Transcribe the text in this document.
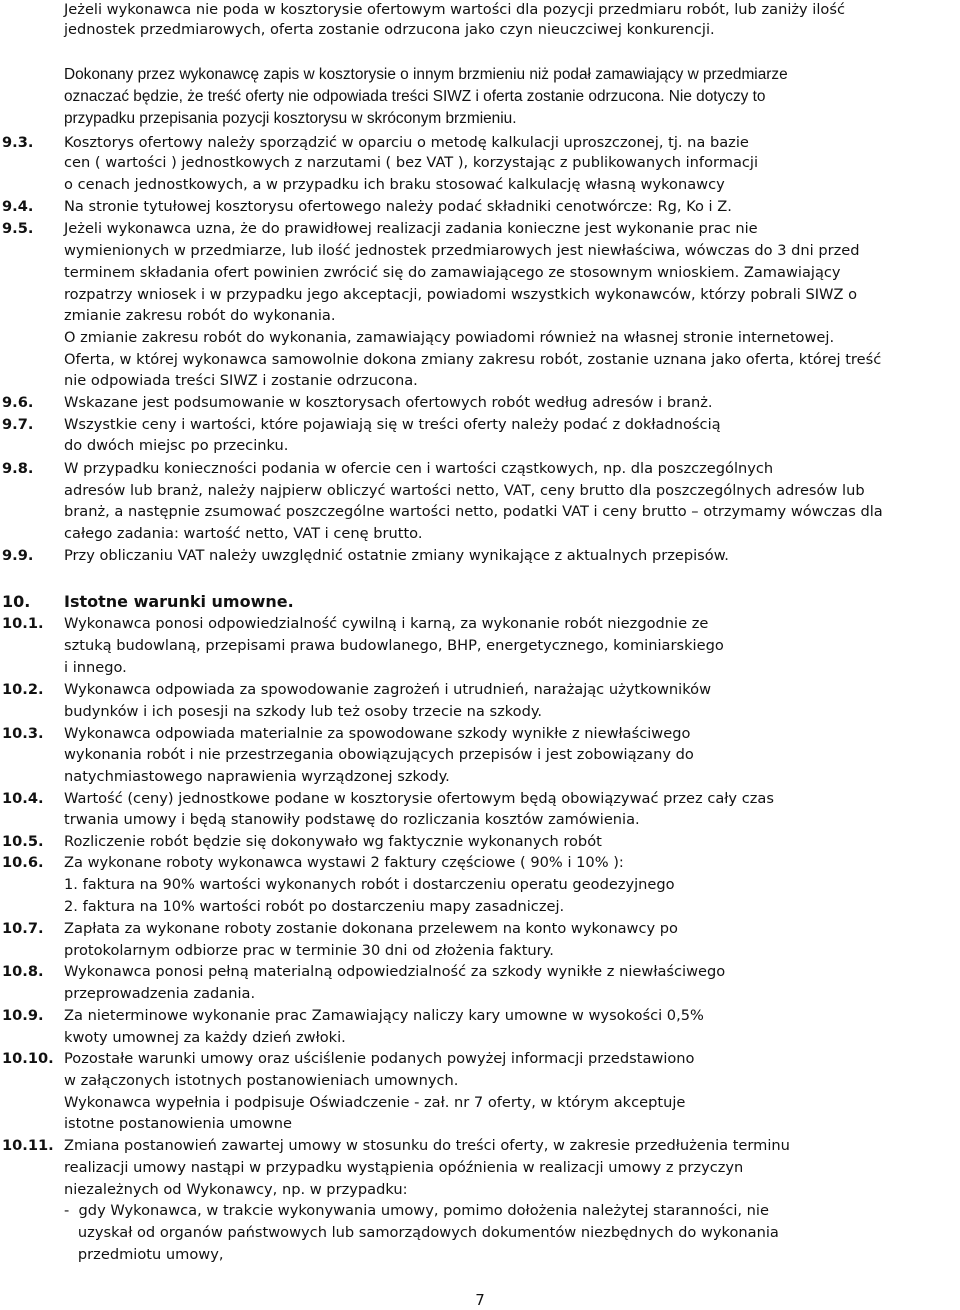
Jeżeli wykonawca nie poda w kosztorysie ofertowym wartości dla pozycji przedmiaru robót, lub zaniży ilość
jednostek przedmiarowych, oferta zostanie odrzucona jako czyn nieuczciwej konkurencji.
Dokonany przez wykonawcę zapis w kosztorysie o innym brzmieniu niż podał zamawiający w przedmiarze
oznaczać będzie, że treść oferty nie odpowiada treści SIWZ i oferta zostanie odrzucona. Nie dotyczy to
przypadku przepisania pozycji kosztorysu w skróconym brzmieniu.
9.3. Kosztorys ofertowy należy sporządzić w oparciu o metodę kalkulacji uproszczonej, tj. na bazie
cen ( wartości ) jednostkowych z narzutami ( bez VAT ), korzystając z publikowanych informacji
o cenach jednostkowych, a w przypadku ich braku stosować kalkulację własną wykonawcy
9.4. Na stronie tytułowej kosztorysu ofertowego należy podać składniki cenotwórcze: Rg, Ko i Z.
9.5. Jeżeli wykonawca uzna, że do prawidłowej realizacji zadania konieczne jest wykonanie prac nie
wymienionych w przedmiarze, lub ilość jednostek przedmiarowych jest niewłaściwa, wówczas do 3 dni przed
terminem składania ofert powinien zwrócić się do zamawiającego ze stosownym wnioskiem. Zamawiający
rozpatrzy wniosek i w przypadku jego akceptacji, powiadomi wszystkich wykonawców, którzy pobrali SIWZ o
zmianie zakresu robót do wykonania.
O zmianie zakresu robót do wykonania, zamawiający powiadomi również na własnej stronie internetowej.
Oferta, w której wykonawca samowolnie dokona zmiany zakresu robót, zostanie uznana jako oferta, której treść
nie odpowiada treści SIWZ i zostanie odrzucona.
9.6. Wskazane jest podsumowanie w kosztorysach ofertowych robót według adresów i branż.
9.7. Wszystkie ceny i wartości, które pojawiają się w treści oferty należy podać z dokładnością
do dwóch miejsc po przecinku.
9.8. W przypadku konieczności podania w ofercie cen i wartości cząstkowych, np. dla poszczególnych
adresów lub branż, należy najpierw obliczyć wartości netto, VAT, ceny brutto dla poszczególnych adresów lub
branż, a następnie zsumować poszczególne wartości netto, podatki VAT i ceny brutto – otrzymamy wówczas dla
całego zadania: wartość netto, VAT i cenę brutto.
9.9. Przy obliczaniu VAT należy uwzględnić ostatnie zmiany wynikające z aktualnych przepisów.
10. Istotne warunki umowne.
10.1. Wykonawca ponosi odpowiedzialność cywilną i karną, za wykonanie robót niezgodnie ze
sztuką budowlaną, przepisami prawa budowlanego, BHP, energetycznego, kominiarskiego
i innego.
10.2. Wykonawca odpowiada za spowodowanie zagrożeń i utrudnień, narażając użytkowników
budynków i ich posesji na szkody lub też osoby trzecie na szkody.
10.3. Wykonawca odpowiada materialnie za spowodowane szkody wynikłe z niewłaściwego
wykonania robót i nie przestrzegania obowiązujących przepisów i jest zobowiązany do
natychmiastowego naprawienia wyrządzonej szkody.
10.4. Wartość (ceny) jednostkowe podane w kosztorysie ofertowym będą obowiązywać przez cały czas
trwania umowy i będą stanowiły podstawę do rozliczania kosztów zamówienia.
10.5. Rozliczenie robót będzie się dokonywało wg faktycznie wykonanych robót
10.6. Za wykonane roboty wykonawca wystawi 2 faktury częściowe ( 90% i 10% ):
1. faktura na 90% wartości wykonanych robót i dostarczeniu operatu geodezyjnego
2. faktura na 10% wartości robót po dostarczeniu mapy zasadniczej.
10.7. Zapłata za wykonane roboty zostanie dokonana przelewem na konto wykonawcy po
protokolarnym odbiorze prac w terminie 30 dni od złożenia faktury.
10.8. Wykonawca ponosi pełną materialną odpowiedzialność za szkody wynikłe z niewłaściwego
przeprowadzenia zadania.
10.9. Za nieterminowe wykonanie prac Zamawiający naliczy kary umowne w wysokości 0,5%
kwoty umownej za każdy dzień zwłoki.
10.10. Pozostałe warunki umowy oraz uściślenie podanych powyżej informacji przedstawiono
w załączonych istotnych postanowieniach umownych.
Wykonawca wypełnia i podpisuje Oświadczenie - zał. nr 7 oferty, w którym akceptuje
istotne postanowienia umowne
10.11. Zmiana postanowień zawartej umowy w stosunku do treści oferty, w zakresie przedłużenia terminu
realizacji umowy nastąpi w przypadku wystąpienia opóźnienia w realizacji umowy z przyczyn
niezależnych od Wykonawcy, np. w przypadku:
-  gdy Wykonawca, w trakcie wykonywania umowy, pomimo dołożenia należytej staranności, nie
uzyskał od organów państwowych lub samorządowych dokumentów niezbędnych do wykonania
przedmiotu umowy,
7
